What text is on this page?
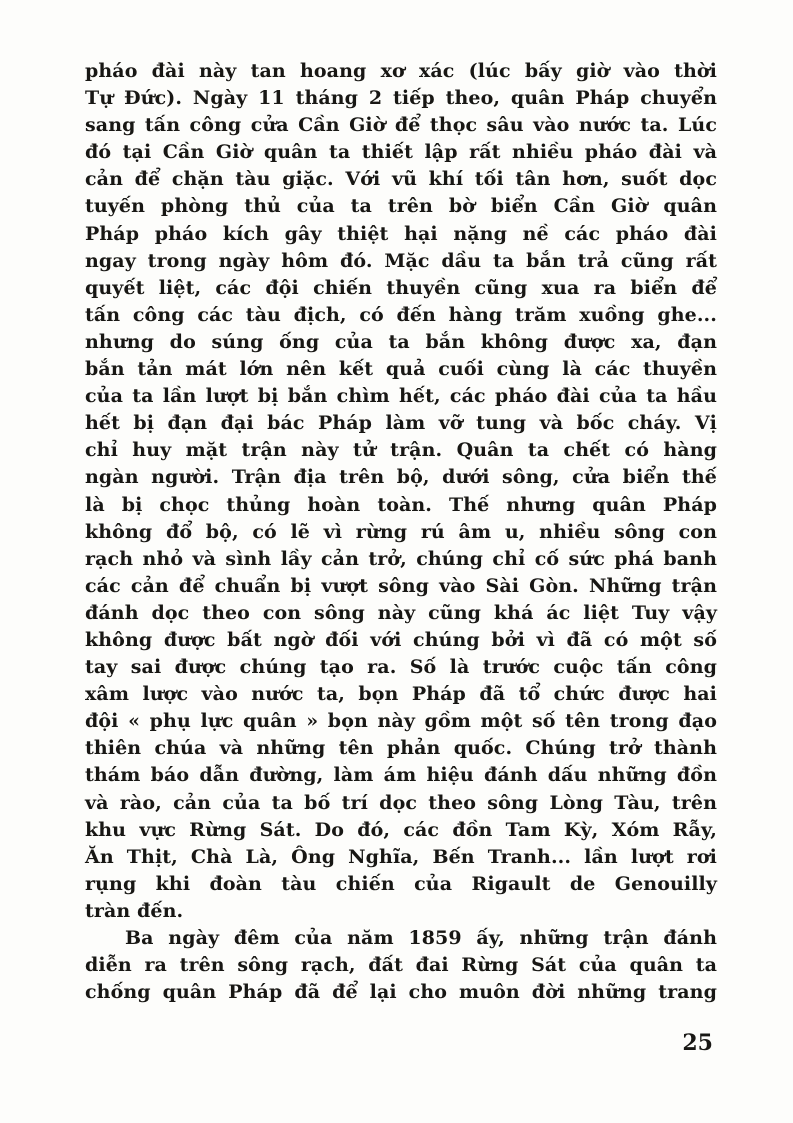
pháo đài này tan hoang xơ xác (lúc bấy giờ vào thời
Tự Đức). Ngày 11 tháng 2 tiếp theo, quân Pháp chuyển
sang tấn công cửa Cần Giờ để thọc sâu vào nước ta. Lúc
đó tại Cần Giờ quân ta thiết lập rất nhiều pháo đài và
cản để chặn tàu giặc. Với vũ khí tối tân hơn, suốt dọc
tuyến phòng thủ của ta trên bờ biển Cần Giờ quân
Pháp pháo kích gây thiệt hại nặng nề các pháo đài
ngay trong ngày hôm đó. Mặc dầu ta bắn trả cũng rất
quyết liệt, các đội chiến thuyền cũng xua ra biển để
tấn công các tàu địch, có đến hàng trăm xuồng ghe...
nhưng do súng ống của ta bắn không được xa, đạn
bắn tản mát lớn nên kết quả cuối cùng là các thuyền
của ta lần lượt bị bắn chìm hết, các pháo đài của ta hầu
hết bị đạn đại bác Pháp làm vỡ tung và bốc cháy. Vị
chỉ huy mặt trận này tử trận. Quân ta chết có hàng
ngàn người. Trận địa trên bộ, dưới sông, cửa biển thế
là bị chọc thủng hoàn toàn. Thế nhưng quân Pháp
không đổ bộ, có lẽ vì rừng rú âm u, nhiều sông con
rạch nhỏ và sình lầy cản trở, chúng chỉ cố sức phá banh
các cản để chuẩn bị vượt sông vào Sài Gòn. Những trận
đánh dọc theo con sông này cũng khá ác liệt Tuy vậy
không được bất ngờ đối với chúng bởi vì đã có một số
tay sai được chúng tạo ra. Số là trước cuộc tấn công
xâm lược vào nước ta, bọn Pháp đã tổ chức được hai
đội « phụ lực quân » bọn này gồm một số tên trong đạo
thiên chúa và những tên phản quốc. Chúng trở thành
thám báo dẫn đường, làm ám hiệu đánh dấu những đồn
và rào, cản của ta bố trí dọc theo sông Lòng Tàu, trên
khu vực Rừng Sát. Do đó, các đồn Tam Kỳ, Xóm Rẫy,
Ăn Thịt, Chà Là, Ông Nghĩa, Bến Tranh... lần lượt rơi
rụng khi đoàn tàu chiến của Rigault de Genouilly
tràn đến.
Ba ngày đêm của năm 1859 ấy, những trận đánh
diễn ra trên sông rạch, đất đai Rừng Sát của quân ta
chống quân Pháp đã để lại cho muôn đời những trang
25
